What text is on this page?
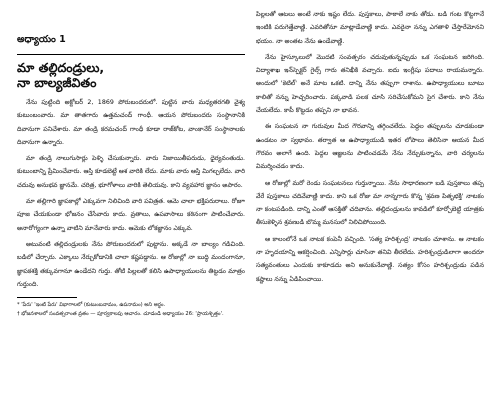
అధ్యాయం 1
మా తల్లిదండ్రులు,
నా బాల్యజీవితం

నేను పుట్టింది అక్టోబర్ 2, 1869 పోరుబందరులో. పుట్టిన వారు మధ్యతరగతి వైశ్య కుటుంబంవారు. మా తాతగారు ఉత్తమచంద్ గాంధీ. ఆయన పోరుబందరు సంస్థానానికి దివానుగా పనిచేశారు. మా తండ్రి కరమచంద్ గాంధీ కూడా రాజ్‌కోట, వాంకానేర్ సంస్థానాలకు దివానుగా ఉన్నారు.

మా తండ్రి నాలుగుసార్లు పెళ్ళి చేసుకున్నారు. వారు నిజాయితీపరుడు, ధైర్యవంతుడు. కుటుంబాన్ని ప్రేమించేవారు. ఆస్తి కూడబెట్టే ఆశ వారికి లేదు. మాకు వారు ఆస్తి మిగల్చలేదు. వారి చదువు అనుభవ జ్ఞానమే. చరిత్ర, భూగోళాలు వారికి తెలియవు. కాని వ్యవహార జ్ఞానం అపారం.

మా తల్లిగారి జ్ఞాపకాల్లో ఎక్కువగా నిలిచింది వారి పవిత్రత. ఆమె చాలా భక్తిపరురాలు. రోజూ పూజ చేయకుండా భోజనం చేసేవారు కాదు. వ్రతాలు, ఉపవాసాలు కఠినంగా పాటించేవారు. అనారోగ్యంగా ఉన్నా వాటిని మానేవారు కాదు. ఆమెకు లోకజ్ఞానం ఎక్కువ.

అటువంటి తల్లిదండ్రులకు నేను పోరుబందరులో పుట్టాను. అక్కడే నా బాల్యం గడిచింది. బడిలో చేర్చారు. ఎక్కాలు నేర్చుకోడానికి చాలా కష్టపడ్డాను. ఆ రోజుల్లో నా బుద్ధి మందంగానూ, జ్ఞాపకశక్తి తక్కువగానూ ఉండేదని గుర్తు. తోటి పిల్లలతో కలిసి ఉపాధ్యాయులను తిట్టడం మాత్రం గుర్తుంది.

* 'పేరు' 'ఇంటి పేరు' విభాగాలలో (కుటుంబనామం, ఉపనామం) అని అర్థం.

† భోజనశాలలో సంవత్సరాంత వ్రతం — పూర్వకాలపు ఆచారం. చూడండి అధ్యాయం 26: 'ప్రాయశ్చిత్తం'.

పిల్లలతో ఆటలు అంటే నాకు ఇష్టం లేదు. పుస్తకాలు, పాఠాలే నాకు తోడు. బడి గంట కొట్టగానే ఇంటికి పరుగెత్తేవాణ్ణి. ఎవరితోనూ మాట్లాడేవాణ్ణి కాదు. ఎవరైనా నన్ను ఎగతాళి చేస్తారేమోనని భయం. నా అంతట నేను ఉండేవాణ్ణి.

నేను హైస్కూలులో మొదటి సంవత్సరం చదువుతున్నప్పుడు ఒక సంఘటన జరిగింది. విద్యాశాఖ ఇన్‌స్పెక్టర్ గైల్స్ గారు తనిఖీకి వచ్చారు. ఐదు ఇంగ్లీషు పదాలు రాయమన్నారు. అందులో 'కెటిల్' అనే మాట ఒకటి. దాన్ని నేను తప్పుగా రాశాను. ఉపాధ్యాయులు బూటు కాలితో నన్ను హెచ్చరించారు. పక్కవాడి పలక చూసి సరిచేసుకోమని సైగ చేశారు. కాని నేను చేయలేదు. కాపీ కొట్టడం తప్పని నా భావన.

ఈ సంఘటన నా గురువుల మీద గౌరవాన్ని తగ్గించలేదు. పెద్దల తప్పులను చూడకుండా ఉండటం నా స్వభావం. తర్వాత ఆ ఉపాధ్యాయుడి ఇతర లోపాలు తెలిసినా ఆయన మీద గౌరవం అలాగే ఉంది. పెద్దల ఆజ్ఞలను పాటించడమే నేను నేర్చుకున్నాను, వారి చర్యలను విమర్శించడం కాదు.

ఆ రోజుల్లో మరో రెండు సంఘటనలు గుర్తున్నాయి. నేను సాధారణంగా బడి పుస్తకాలు తప్ప వేరే పుస్తకాలు చదివేవాణ్ణి కాదు. కాని ఒక రోజు మా నాన్నగారు కొన్న 'శ్రవణ పితృభక్తి' నాటకం నా కంటపడింది. దాన్ని ఎంతో ఆసక్తితో చదివాను. తల్లిదండ్రులను కావడిలో కూర్చోబెట్టి యాత్రకు తీసుకెళ్ళిన శ్రవణుడి బొమ్మ మనసులో నిలిచిపోయింది.

ఆ కాలంలోనే ఒక నాటక కంపెనీ వచ్చింది. 'సత్య హరిశ్చంద్ర' నాటకం చూశాను. ఆ నాటకం నా హృదయాన్ని ఆకర్షించింది. ఎన్నిసార్లు చూసినా తనివి తీరలేదు. హరిశ్చంద్రుడిలాగా అందరూ సత్యవంతులు ఎందుకు కాకూడదు అని అనుకునేవాణ్ణి. సత్యం కోసం హరిశ్చంద్రుడు పడిన కష్టాలు నన్ను ఏడిపించాయి.
